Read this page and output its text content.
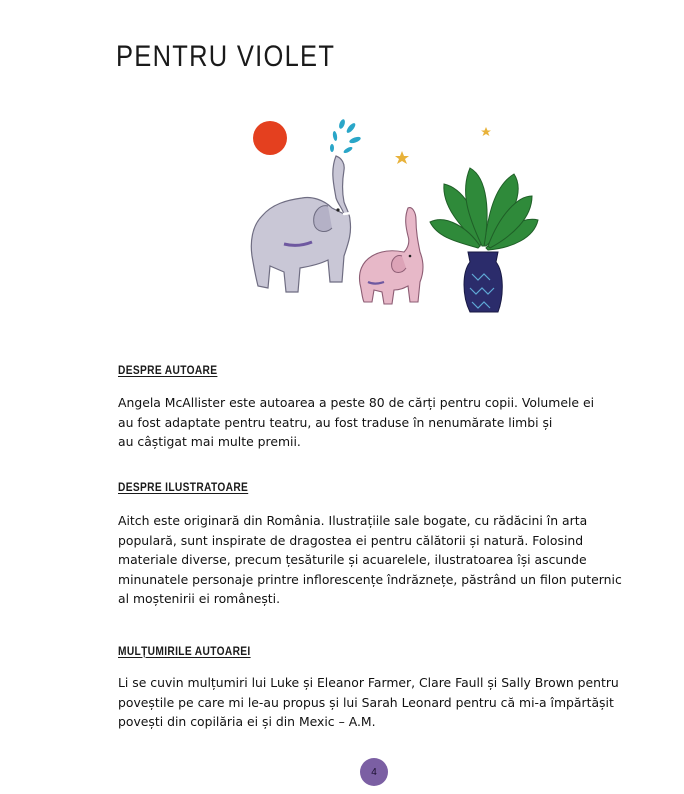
PENTRU VIOLET
DESPRE AUTOARE

Angela McAllister este autoarea a peste 80 de cărți pentru copii. Volumele ei
au fost adaptate pentru teatru, au fost traduse în nenumărate limbi și
au câștigat mai multe premii.

DESPRE ILUSTRATOARE

Aitch este originară din România. Ilustrațiile sale bogate, cu rădăcini în arta
populară, sunt inspirate de dragostea ei pentru călătorii și natură. Folosind
materiale diverse, precum țesăturile și acuarelele, ilustratoarea își ascunde
minunatele personaje printre inflorescențe îndrăznețe, păstrând un filon puternic
al moștenirii ei românești.

MULȚUMIRILE AUTOAREI

Li se cuvin mulțumiri lui Luke și Eleanor Farmer, Clare Faull și Sally Brown pentru
poveștile pe care mi le-au propus și lui Sarah Leonard pentru că mi-a împărtășit
povești din copilăria ei și din Mexic – A.M.

4
